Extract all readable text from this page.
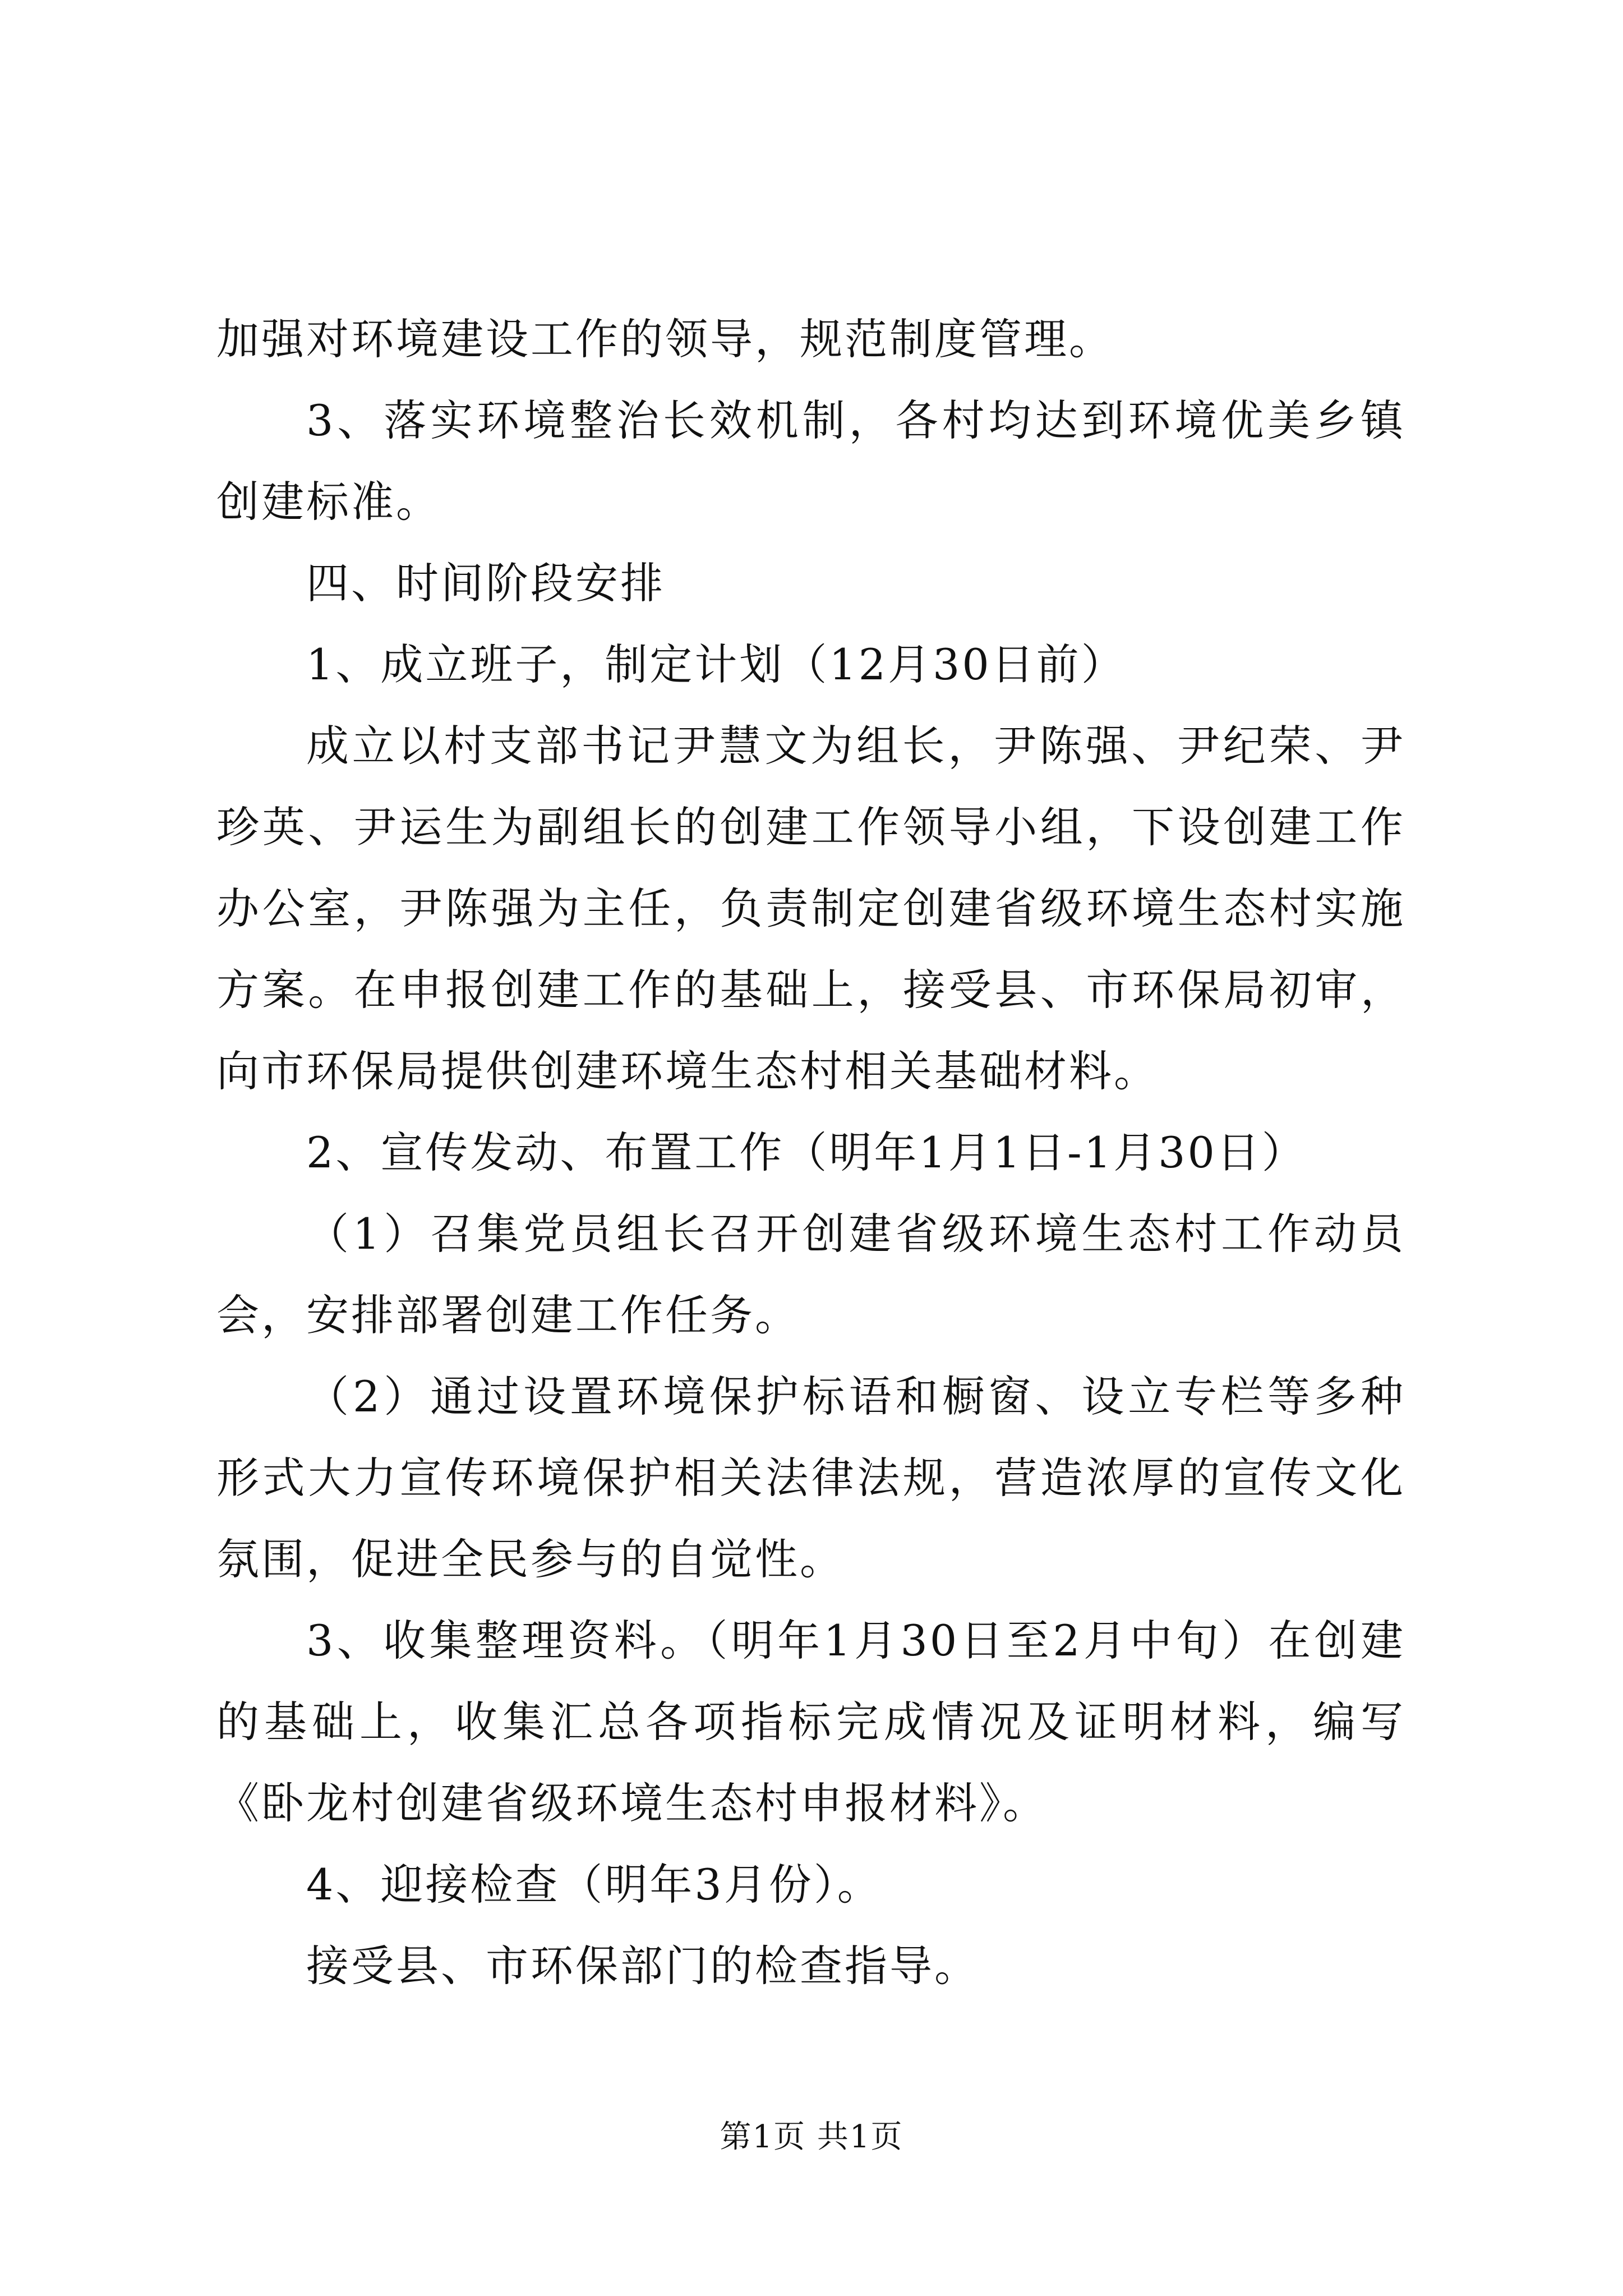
加强对环境建设工作的领导，规范制度管理。

3、落实环境整治长效机制，各村均达到环境优美乡镇创建标准。

四、时间阶段安排

1、成立班子，制定计划（12月30日前）

成立以村支部书记尹慧文为组长，尹陈强、尹纪荣、尹珍英、尹运生为副组长的创建工作领导小组，下设创建工作办公室，尹陈强为主任，负责制定创建省级环境生态村实施方案。在申报创建工作的基础上，接受县、市环保局初审，向市环保局提供创建环境生态村相关基础材料。

2、宣传发动、布置工作（明年1月1日-1月30日）

（1）召集党员组长召开创建省级环境生态村工作动员会，安排部署创建工作任务。

（2）通过设置环境保护标语和橱窗、设立专栏等多种形式大力宣传环境保护相关法律法规，营造浓厚的宣传文化氛围，促进全民参与的自觉性。

3、收集整理资料。（明年1月30日至2月中旬）在创建的基础上，收集汇总各项指标完成情况及证明材料，编写《卧龙村创建省级环境生态村申报材料》。

4、迎接检查（明年3月份）。

接受县、市环保部门的检查指导。

第1页 共1页
